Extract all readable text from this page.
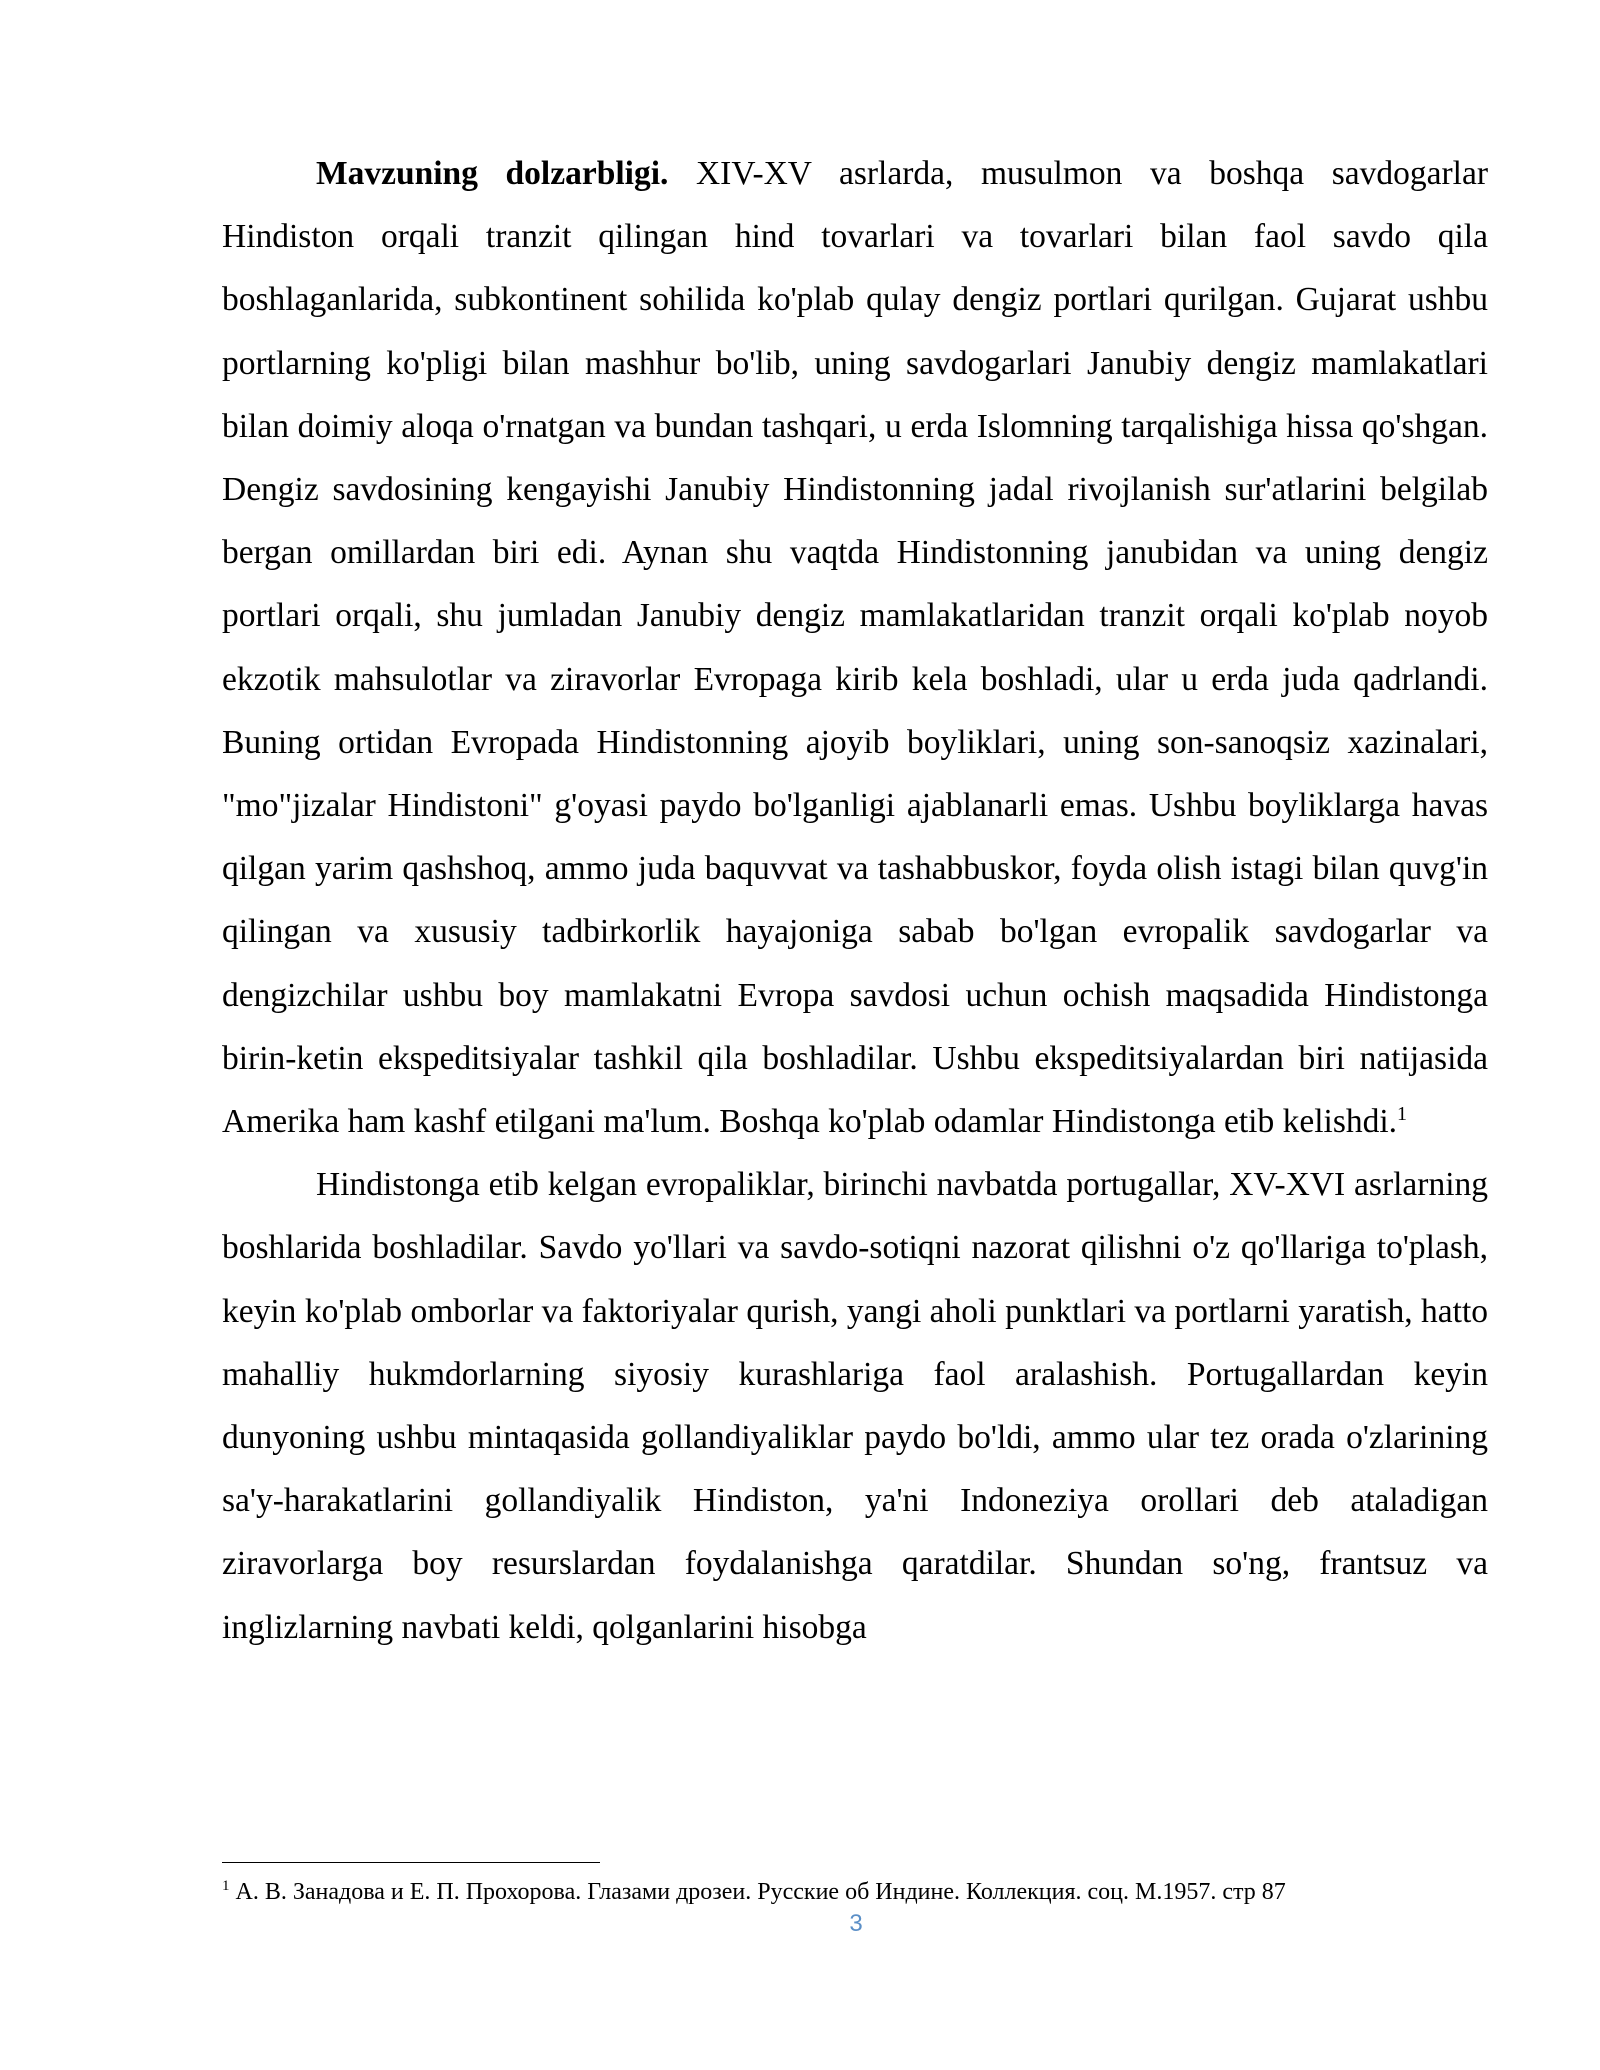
Mavzuning dolzarbligi. XIV-XV asrlarda, musulmon va boshqa savdogarlar Hindiston orqali tranzit qilingan hind tovarlari va tovarlari bilan faol savdo qila boshlaganlarida, subkontinent sohilida ko'plab qulay dengiz portlari qurilgan. Gujarat ushbu portlarning ko'pligi bilan mashhur bo'lib, uning savdogarlari Janubiy dengiz mamlakatlari bilan doimiy aloqa o'rnatgan va bundan tashqari, u erda Islomning tarqalishiga hissa qo'shgan. Dengiz savdosining kengayishi Janubiy Hindistonning jadal rivojlanish sur'atlarini belgilab bergan omillardan biri edi. Aynan shu vaqtda Hindistonning janubidan va uning dengiz portlari orqali, shu jumladan Janubiy dengiz mamlakatlaridan tranzit orqali ko'plab noyob ekzotik mahsulotlar va ziravorlar Evropaga kirib kela boshladi, ular u erda juda qadrlandi. Buning ortidan Evropada Hindistonning ajoyib boyliklari, uning son-sanoqsiz xazinalari, "mo"jizalar Hindistoni" g'oyasi paydo bo'lganligi ajablanarli emas. Ushbu boyliklarga havas qilgan yarim qashshoq, ammo juda baquvvat va tashabbuskor, foyda olish istagi bilan quvg'in qilingan va xususiy tadbirkorlik hayajoniga sabab bo'lgan evropalik savdogarlar va dengizchilar ushbu boy mamlakatni Evropa savdosi uchun ochish maqsadida Hindistonga birin-ketin ekspeditsiyalar tashkil qila boshladilar. Ushbu ekspeditsiyalardan biri natijasida Amerika ham kashf etilgani ma'lum. Boshqa ko'plab odamlar Hindistonga etib kelishdi.$^1$

Hindistonga etib kelgan evropaliklar, birinchi navbatda portugallar, XV-XVI asrlarning boshlarida boshladilar. Savdo yo'llari va savdo-sotiqni nazorat qilishni o'z qo'llariga to'plash, keyin ko'plab omborlar va faktoriyalar qurish, yangi aholi punktlari va portlarni yaratish, hatto mahalliy hukmdorlarning siyosiy kurashlariga faol aralashish. Portugallardan keyin dunyoning ushbu mintaqasida gollandiyaliklar paydo bo'ldi, ammo ular tez orada o'zlarining sa'y-harakatlarini gollandiyalik Hindiston, ya'ni Indoneziya orollari deb ataladigan ziravorlarga boy resurslardan foydalanishga qaratdilar. Shundan so'ng, frantsuz va inglizlarning navbati keldi, qolganlarini hisobga

$^1$ А. В. Занадова и Е. П. Прохорова. Глазами дрозеи. Русские об Индине. Коллекция. соц. М.1957. стр 87

3
